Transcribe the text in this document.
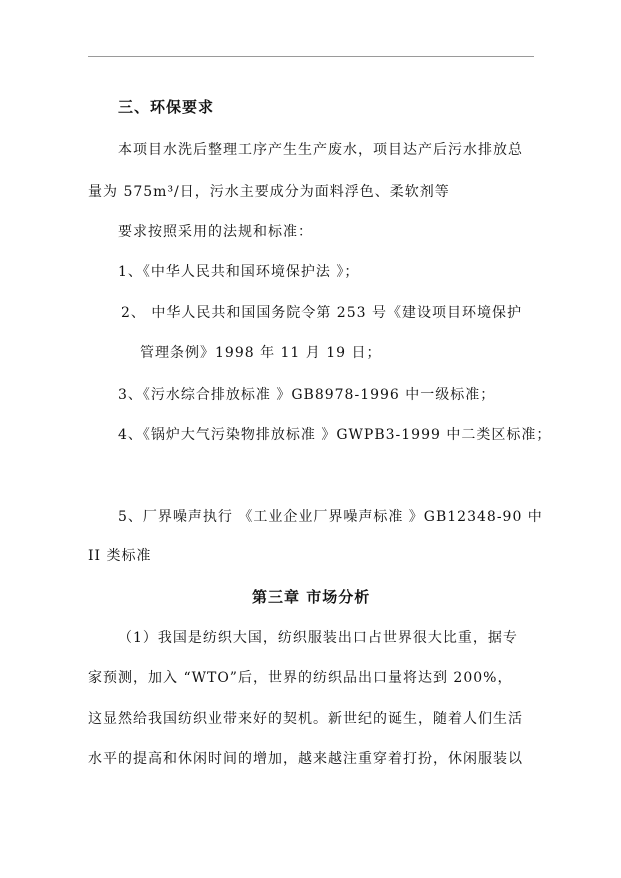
三、环保要求
本项目水洗后整理工序产生生产废水，项目达产后污水排放总
量为 575m³/日，污水主要成分为面料浮色、柔软剂等
要求按照采用的法规和标准：
1、《中华人民共和国环境保护法 》；
2、 中华人民共和国国务院令第 253 号《建设项目环境保护
管理条例》1998 年 11 月 19 日；
3、《污水综合排放标准 》GB8978-1996 中一级标准；
4、《锅炉大气污染物排放标准 》GWPB3-1999 中二类区标准；
5、厂界噪声执行 《工业企业厂界噪声标准 》GB12348-90 中
II 类标准
第三章 市场分析
（1）我国是纺织大国，纺织服装出口占世界很大比重，据专
家预测，加入 “WTO”后，世界的纺织品出口量将达到 200%，
这显然给我国纺织业带来好的契机。新世纪的诞生，随着人们生活
水平的提高和休闲时间的增加，越来越注重穿着打扮，休闲服装以
